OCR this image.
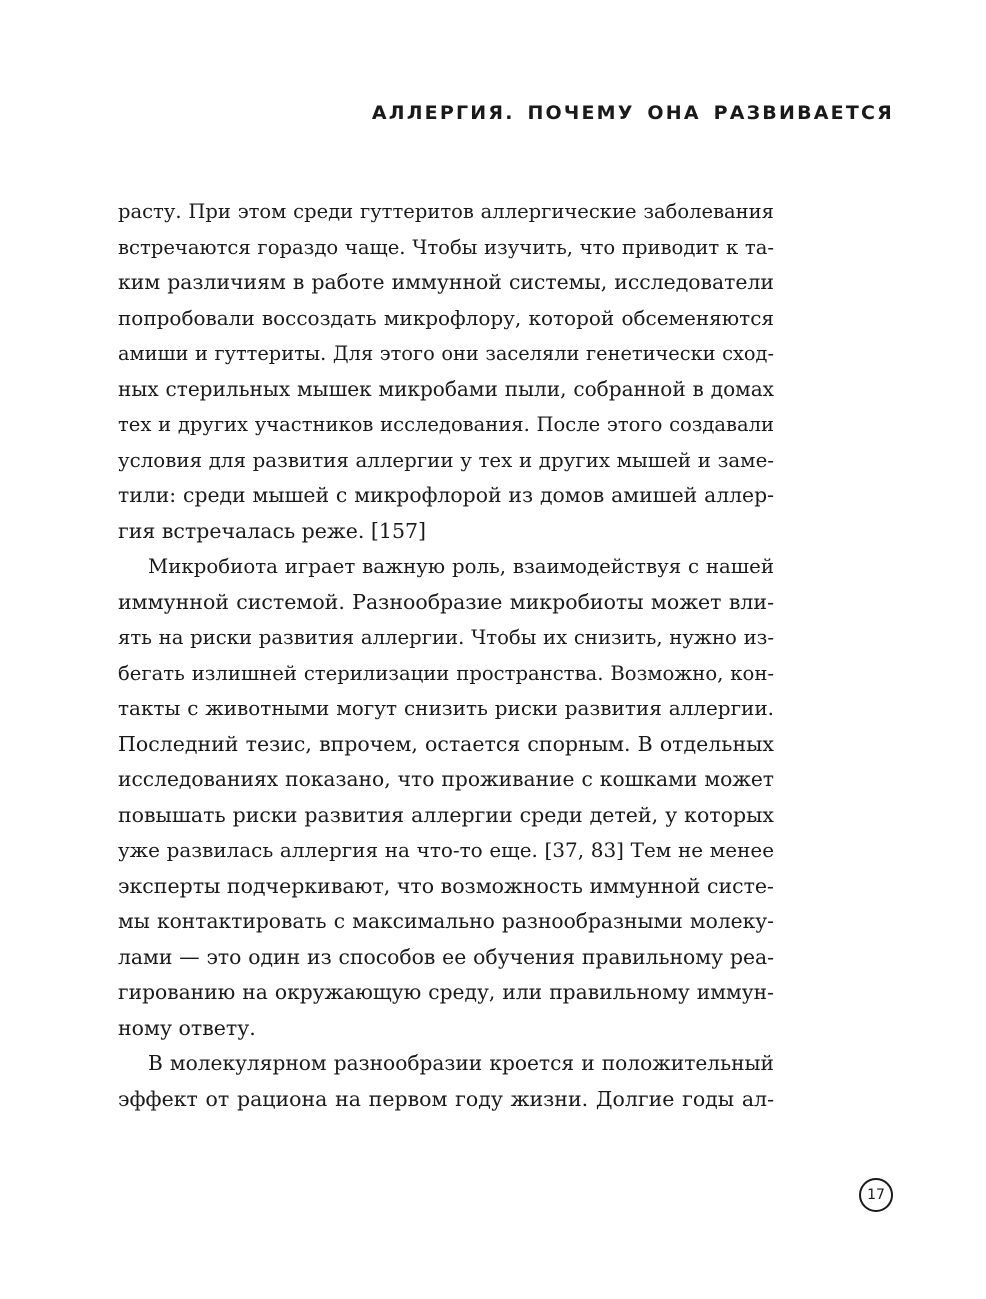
АЛЛЕРГИЯ. ПОЧЕМУ ОНА РАЗВИВАЕТСЯ

расту. При этом среди гуттеритов аллергические заболевания
встречаются гораздо чаще. Чтобы изучить, что приводит к та-
ким различиям в работе иммунной системы, исследователи
попробовали воссоздать микрофлору, которой обсеменяются
амиши и гуттериты. Для этого они заселяли генетически сход-
ных стерильных мышек микробами пыли, собранной в домах
тех и других участников исследования. После этого создавали
условия для развития аллергии у тех и других мышей и заме-
тили: среди мышей с микрофлорой из домов амишей аллер-
гия встречалась реже. [157]

Микробиота играет важную роль, взаимодействуя с нашей
иммунной системой. Разнообразие микробиоты может вли-
ять на риски развития аллергии. Чтобы их снизить, нужно из-
бегать излишней стерилизации пространства. Возможно, кон-
такты с животными могут снизить риски развития аллергии.
Последний тезис, впрочем, остается спорным. В отдельных
исследованиях показано, что проживание с кошками может
повышать риски развития аллергии среди детей, у которых
уже развилась аллергия на что-то еще. [37, 83] Тем не менее
эксперты подчеркивают, что возможность иммунной систе-
мы контактировать с максимально разнообразными молеку-
лами — это один из способов ее обучения правильному реа-
гированию на окружающую среду, или правильному иммун-
ному ответу.

В молекулярном разнообразии кроется и положительный
эффект от рациона на первом году жизни. Долгие годы ал-

17
